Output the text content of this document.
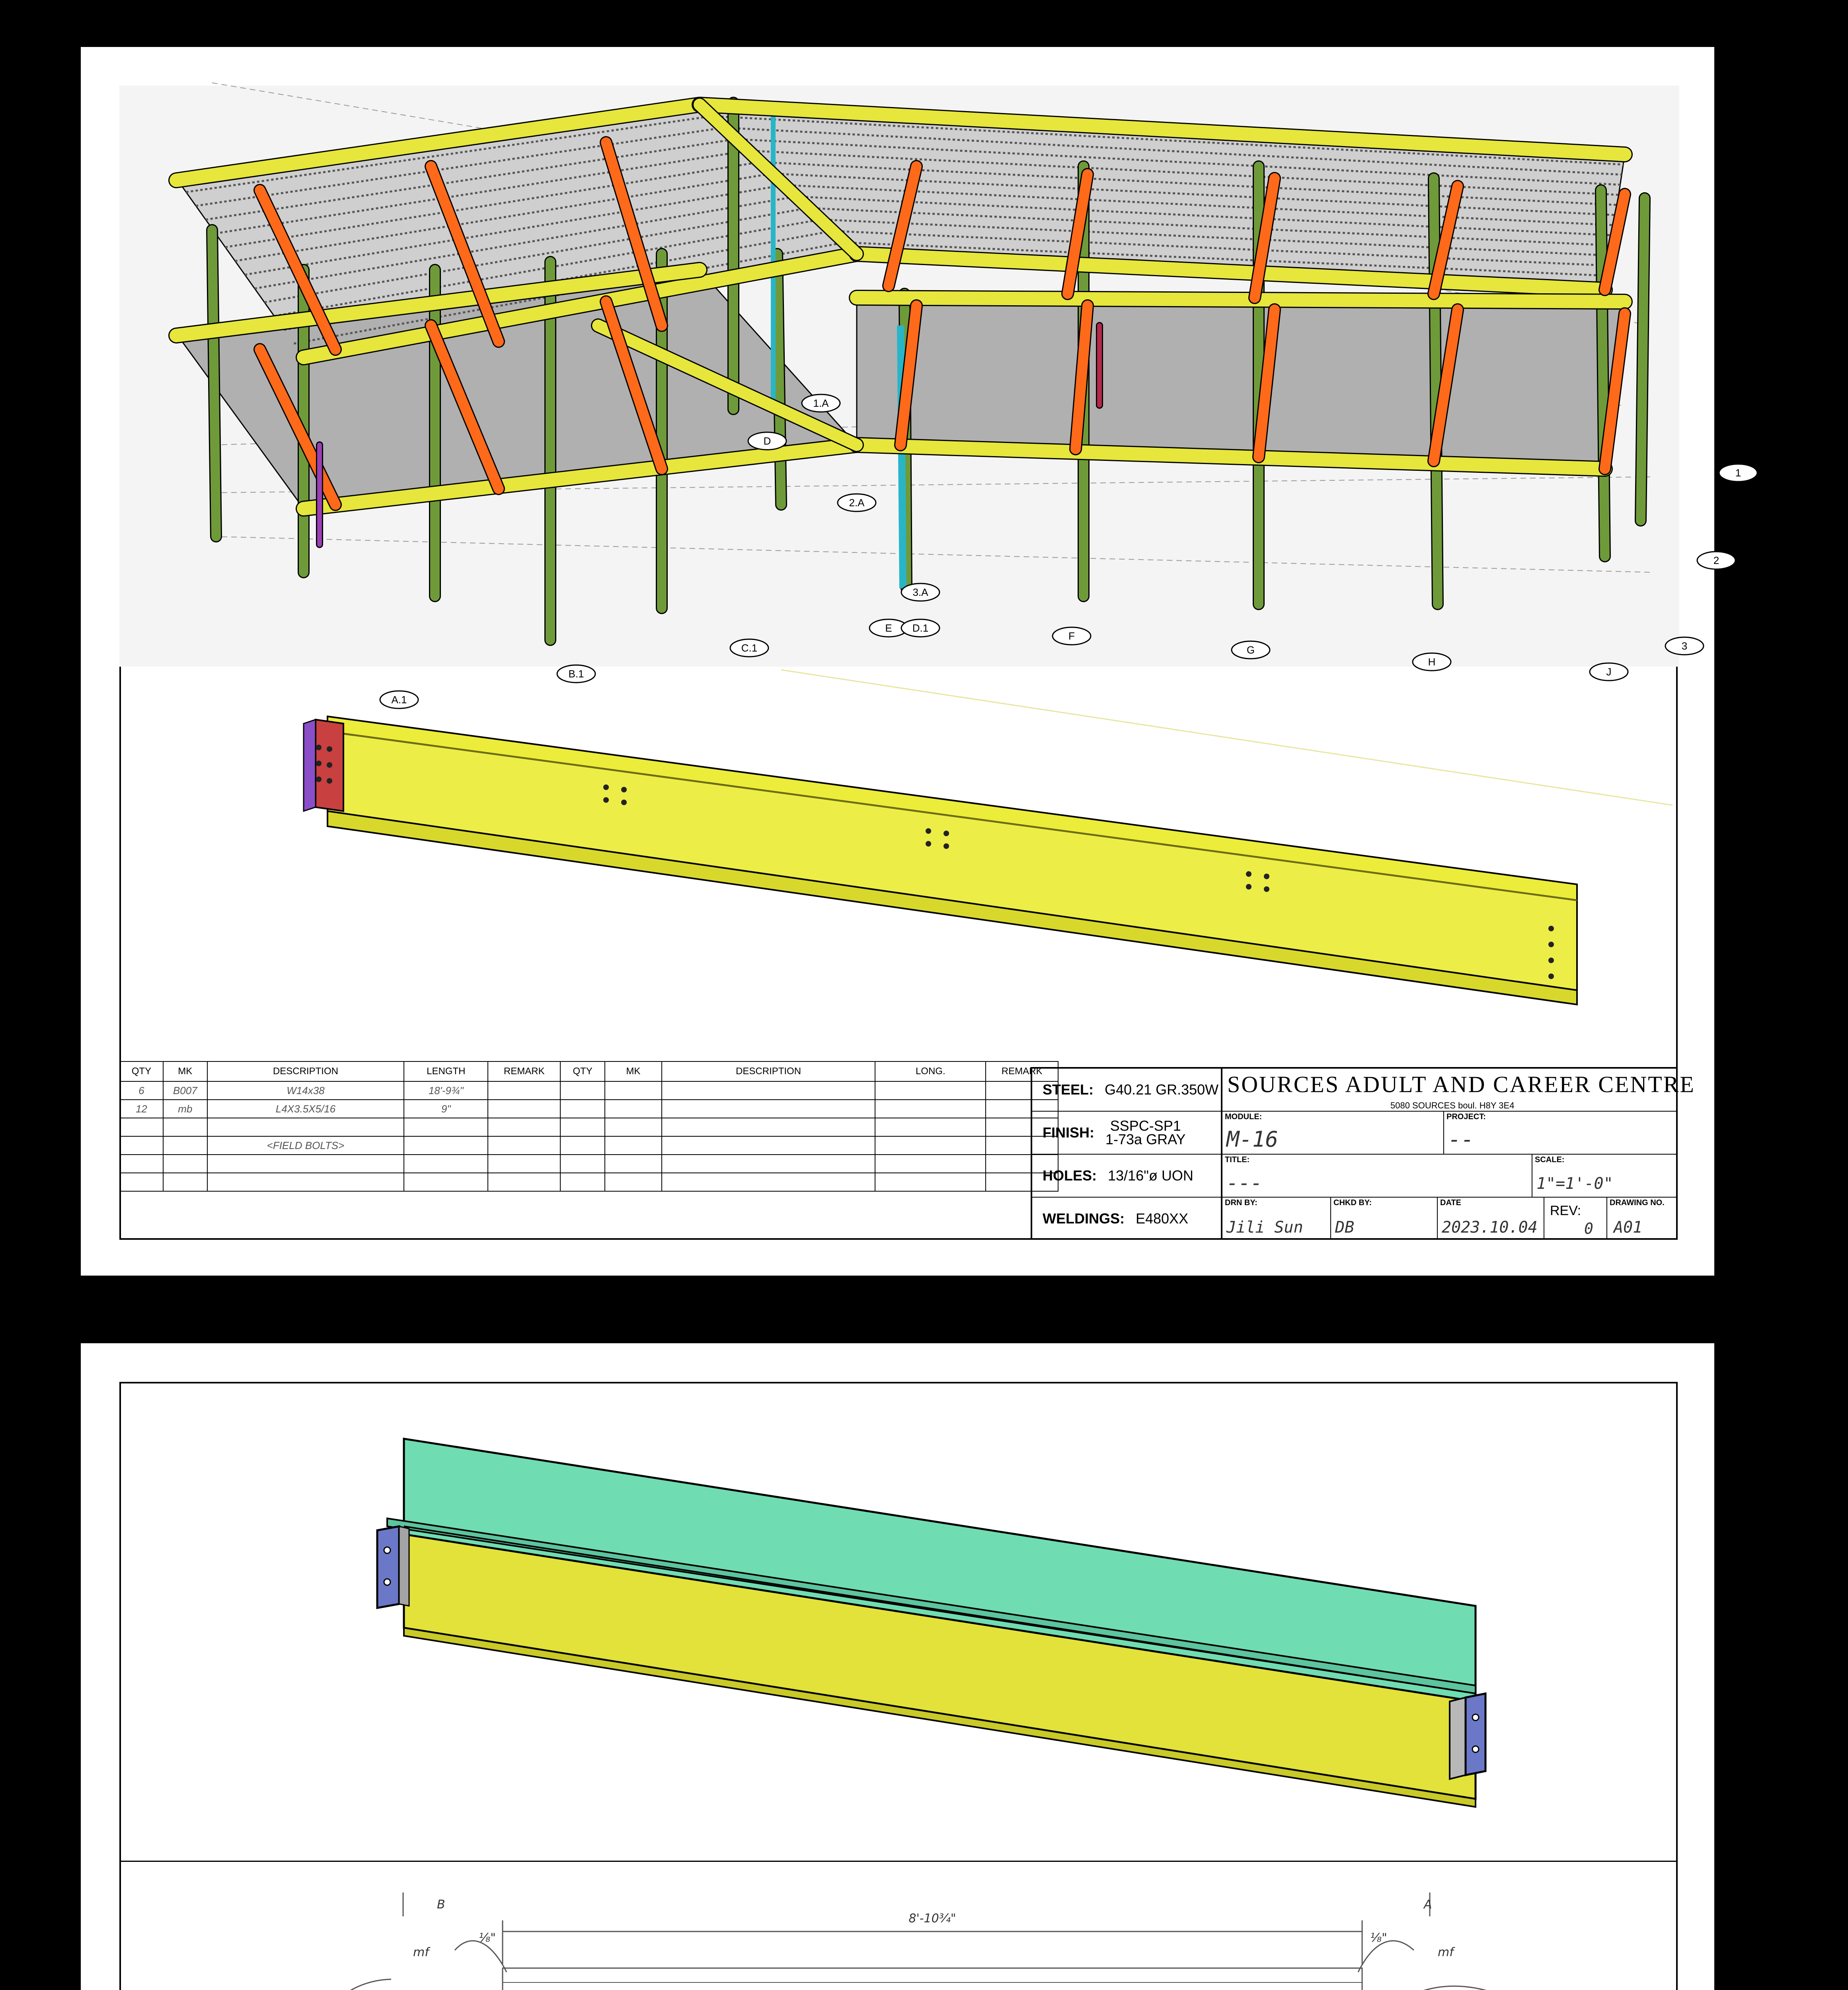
A.1
B.1
C.1
D
E D.1
F
G
H
J
1.A
2.A
3.A
1
2
3
QTY	MK	DESCRIPTION	LENGTH	REMARK	QTY	MK	DESCRIPTION	LONG.	REMARK
6	B007	W14x38	18'-9¾"						
12	mb	L4X3.5X5/16	9"						

		<FIELD BOLTS>							

STEEL: G40.21 GR.350W
FINISH:	SSPC-SP1
1-73a GRAY
HOLES: 13/16"ø UON
WELDINGS: E480XX
SOURCES ADULT AND CAREER CENTRE
5080 SOURCES boul. H8Y 3E4
MODULE:
M-16
PROJECT:
--
TITLE:
---
SCALE:
1"=1'-0"
DRN BY:
Jili Sun
CHKD BY:
DB
DATE
2023.10.04
REV:
0
DRAWING NO.
A01
8'-10¾"
⅛"	⅛"
mf	mf
B	A
